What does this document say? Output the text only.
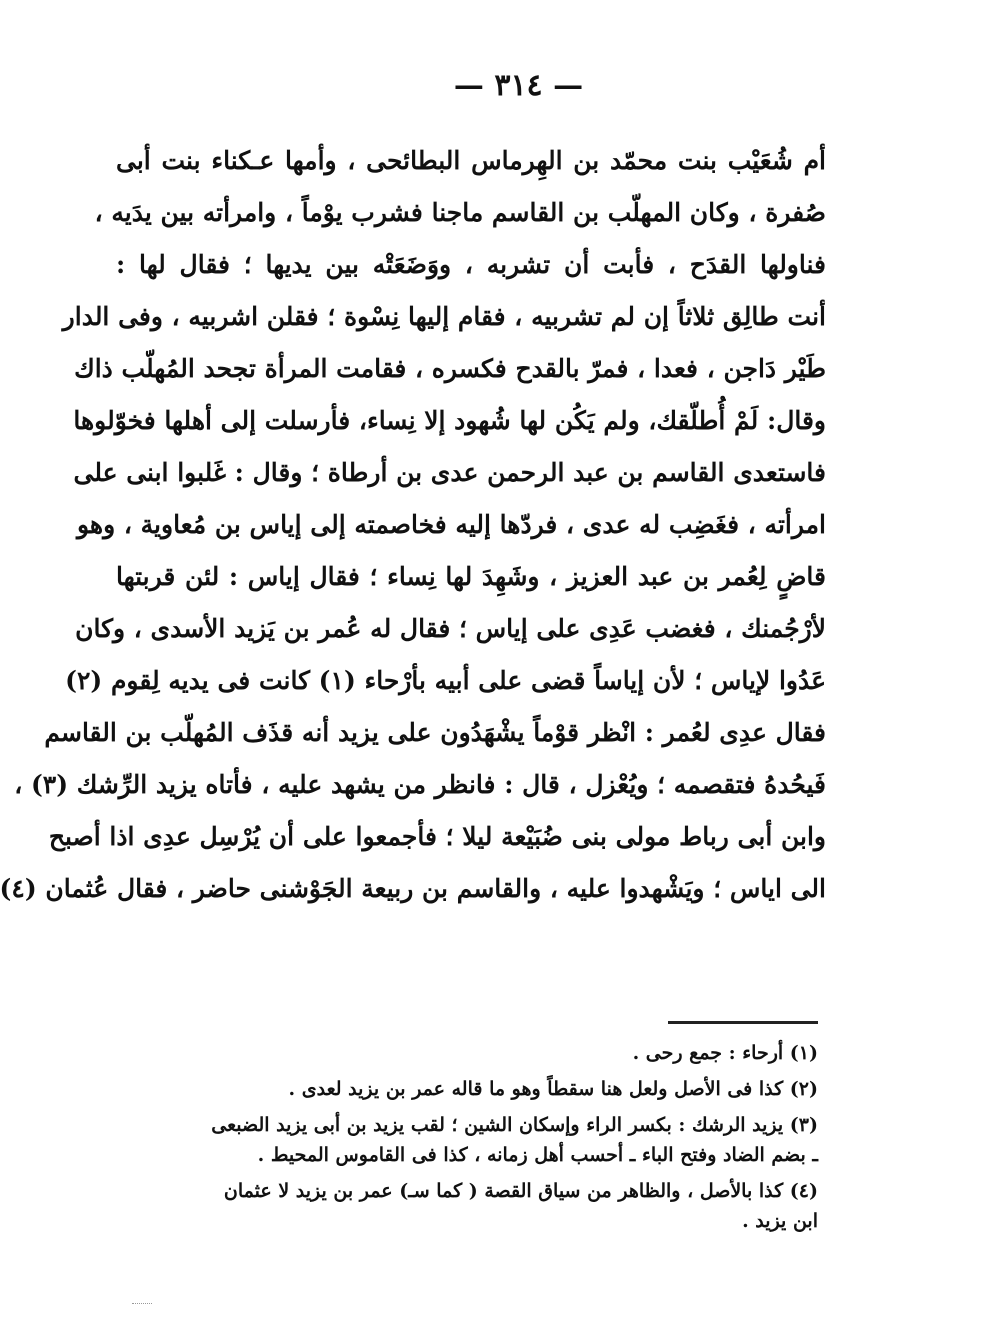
— ٣١٤ —
أم شُعَيْب بنت محمّد بن الهِرماس البطائحى ، وأمها عـكناء بنت أبى
صُفرة ، وكان المهلّب بن القاسم ماجنا فشرب يوْماً ، وامرأته بين يدَيه ،
فناولها القدَح ، فأبت أن تشربه ، ووَضَعَتْه بين يديها ؛ فقال لها :
أنت طالِق ثلاثاً إن لم تشربيه ، فقام إليها نِسْوة ؛ فقلن اشربيه ، وفى الدار
طَيْر دَاجن ، فعدا ، فمرّ بالقدح فكسره ، فقامت المرأة تجحد المُهلّب ذاك
وقال: لَمْ أُطلّقك، ولم يَكُن لها شُهود إلا نِساء، فأرسلت إلى أهلها فخوّلوها
فاستعدى القاسم بن عبد الرحمن عدى بن أرطاة ؛ وقال : غَلبوا ابنى على
امرأته ، فغَضِب له عدى ، فردّها إليه فخاصمته إلى إياس بن مُعاوية ، وهو
قاضٍ لِعُمر بن عبد العزيز ، وشَهِدَ لها نِساء ؛ فقال إياس : لئن قربتها
لأرْجُمنك ، فغضب عَدِى على إياس ؛ فقال له عُمر بن يَزيد الأسدى ، وكان
عَدُوا لإياس ؛ لأن إياساً قضى على أبيه بأرْحاء (١) كانت فى يديه لِقوم (٢)
فقال عدِى لعُمر : انْظر قوْماً يشْهَدُون على يزيد أنه قذَف المُهلّب بن القاسم
فَيحُدهُ فتقصمه ؛ ويُعْزل ، قال : فانظر من يشهد عليه ، فأتاه يزيد الرِّشك (٣) ،
وابن أبى رباط مولى بنى ضُبَيْعة ليلا ؛ فأجمعوا على أن يُرْسِل عدِى اذا أصبح
الى اياس ؛ ويَشْهدوا عليه ، والقاسم بن ربيعة الجَوْشنى حاضر ، فقال عُثمان (٤)
(١) أرحاء : جمع رحى .
(٢) كذا فى الأصل ولعل هنا سقطاً وهو ما قاله عمر بن يزيد لعدى .
(٣) يزيد الرشك : بكسر الراء وإسكان الشين ؛ لقب يزيد بن أبى يزيد الضبعى
ـ بضم الضاد وفتح الباء ـ أحسب أهل زمانه ، كذا فى القاموس المحيط .
(٤) كذا بالأصل ، والظاهر من سياق القصة ( كما سـ) عمر بن يزيد لا عثمان
ابن يزيد .
